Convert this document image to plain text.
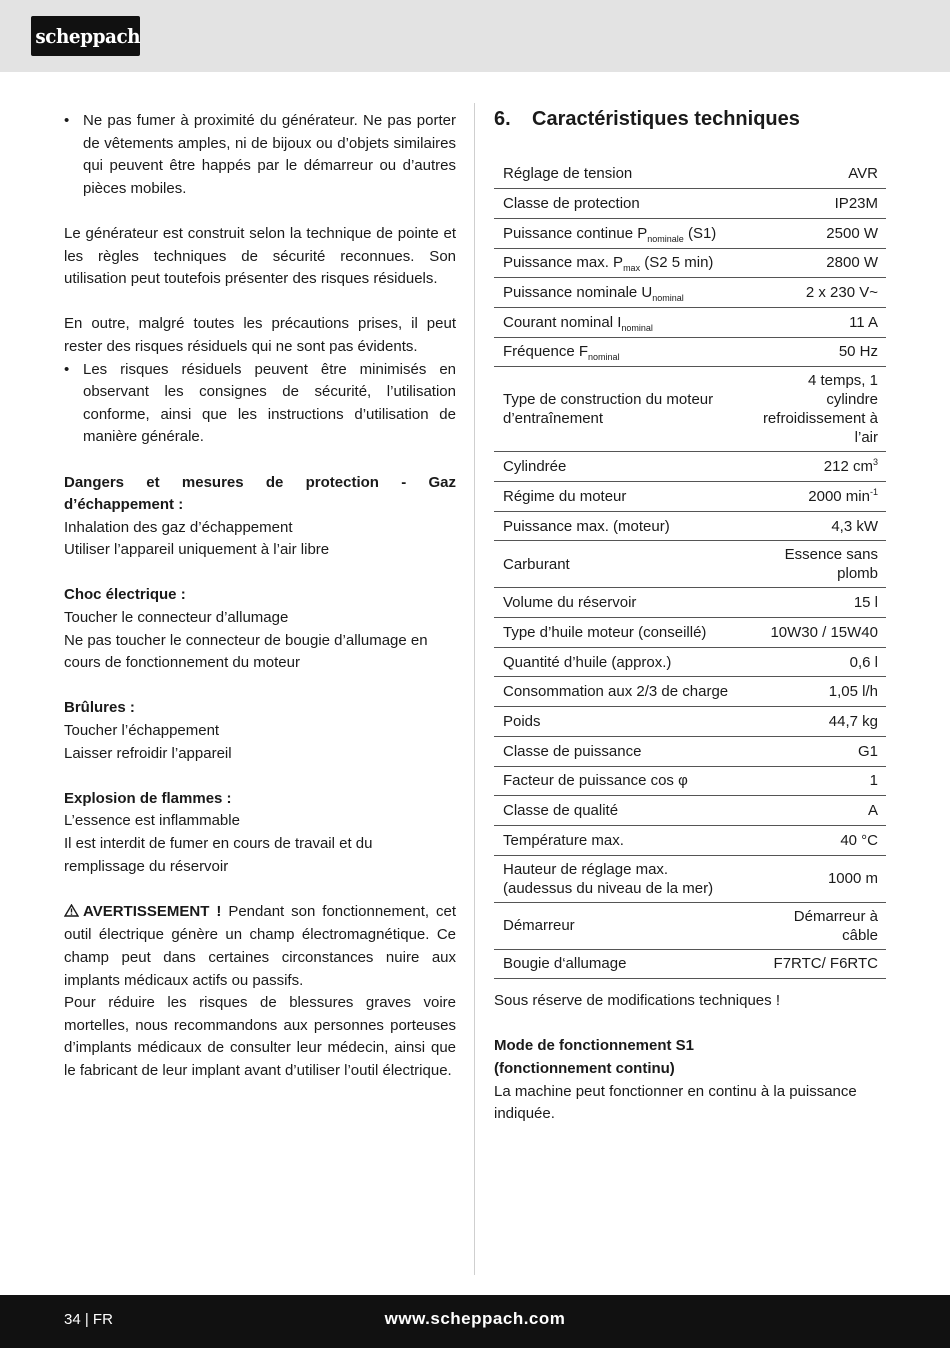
scheppach
• Ne pas fumer à proximité du générateur. Ne pas porter de vêtements amples, ni de bijoux ou d’objets similaires qui peuvent être happés par le démarreur ou d’autres pièces mobiles.

Le générateur est construit selon la technique de pointe et les règles techniques de sécurité reconnues. Son utilisation peut toutefois présenter des risques résiduels.

En outre, malgré toutes les précautions prises, il peut rester des risques résiduels qui ne sont pas évidents.

• Les risques résiduels peuvent être minimisés en observant les consignes de sécurité, l’utilisation conforme, ainsi que les instructions d’utilisation de manière générale.

Dangers et mesures de protection - Gaz d’échappement :

Inhalation des gaz d’échappement

Utiliser l’appareil uniquement à l’air libre

Choc électrique :

Toucher le connecteur d’allumage

Ne pas toucher le connecteur de bougie d’allumage en cours de fonctionnement du moteur

Brûlures :

Toucher l’échappement

Laisser refroidir l’appareil

Explosion de flammes :

L’essence est inflammable

Il est interdit de fumer en cours de travail et du remplissage du réservoir

AVERTISSEMENT ! Pendant son fonctionnement, cet outil électrique génère un champ électromagnétique. Ce champ peut dans certaines circonstances nuire aux implants médicaux actifs ou passifs.

Pour réduire les risques de blessures graves voire mortelles, nous recommandons aux personnes porteuses d’implants médicaux de consulter leur médecin, ainsi que le fabricant de leur implant avant d’utiliser l’outil électrique.

6.	Caractéristiques techniques
Réglage de tension	AVR
Classe de protection	IP23M
Puissance continue $P_{nominale}$ (S1)	2500 W
Puissance max. $P_{max}$ (S2 5 min)	2800 W
Puissance nominale $U_{nominal}$	2 x 230 V~
Courant nominal $I_{nominal}$	11 A
Fréquence $F_{nominal}$	50 Hz
Type de construction du moteur d’entraînement	4 temps, 1 cylindre refroidissement à l’air
Cylindrée	212 $cm^3$
Régime du moteur	2000 $\min^{-1}$
Puissance max. (moteur)	4,3 kW
Carburant	Essence sans plomb
Volume du réservoir	15 l
Type d’huile moteur (conseillé)	10W30 / 15W40
Quantité d’huile (approx.)	0,6 l
Consommation aux 2/3 de charge	1,05 l/h
Poids	44,7 kg
Classe de puissance	G1
Facteur de puissance cos φ	1
Classe de qualité	A
Température max.	40 °C
Hauteur de réglage max. (audessus du niveau de la mer)	1000 m
Démarreur	Démarreur à câble
Bougie d‘allumage	F7RTC/ F6RTC

Sous réserve de modifications techniques !

Mode de fonctionnement S1

(fonctionnement continu)

La machine peut fonctionner en continu à la puissance indiquée.

34 | FR	www.scheppach.com
